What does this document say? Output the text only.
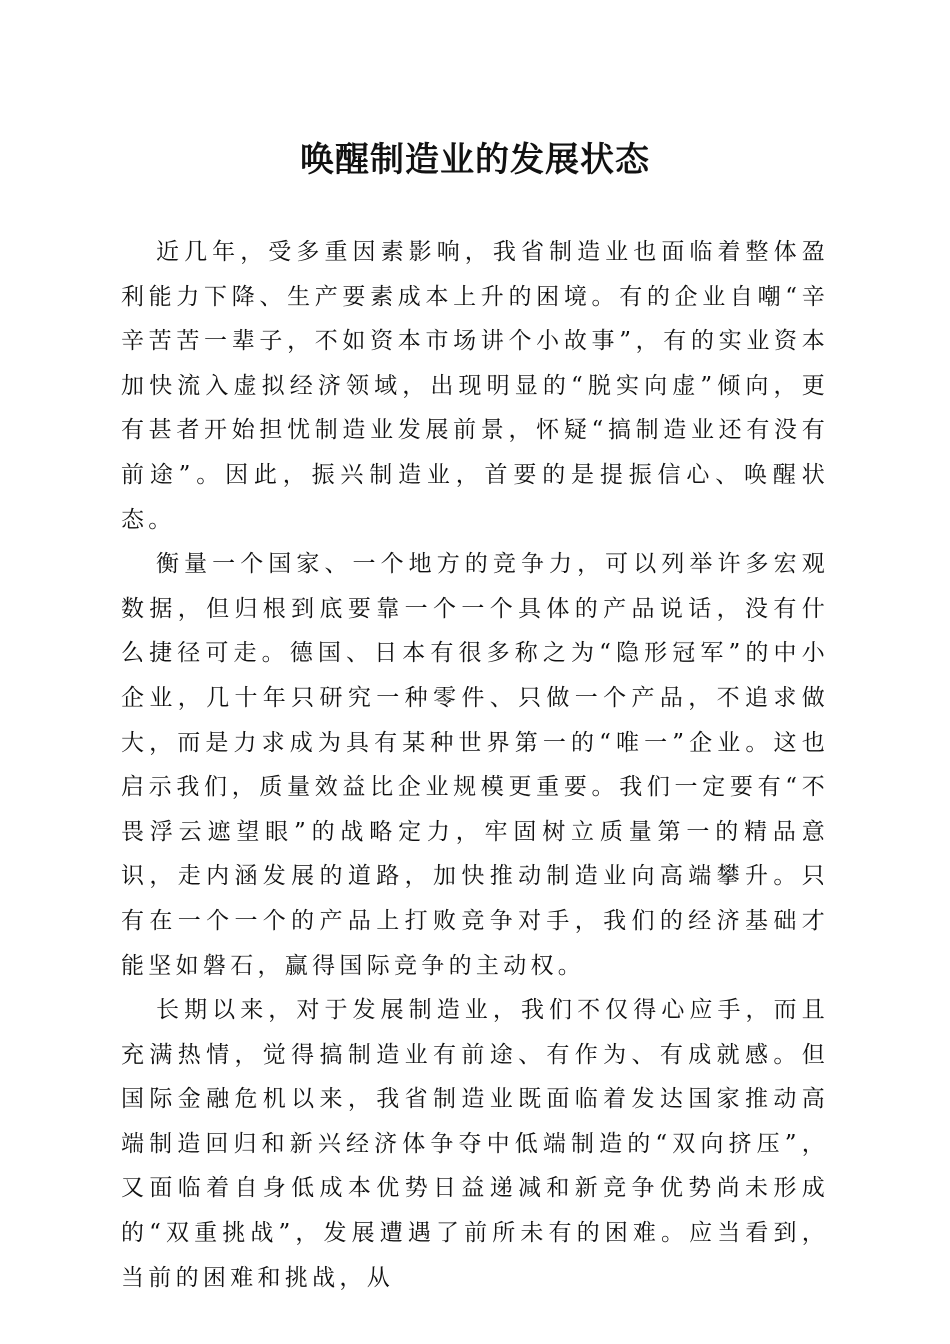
唤醒制造业的发展状态

近几年，受多重因素影响，我省制造业也面临着整体盈利能力下降、生产要素成本上升的困境。有的企业自嘲“辛辛苦苦一辈子，不如资本市场讲个小故事”，有的实业资本加快流入虚拟经济领域，出现明显的“脱实向虚”倾向，更有甚者开始担忧制造业发展前景，怀疑“搞制造业还有没有前途”。因此，振兴制造业，首要的是提振信心、唤醒状态。

衡量一个国家、一个地方的竞争力，可以列举许多宏观数据，但归根到底要靠一个一个具体的产品说话，没有什么捷径可走。德国、日本有很多称之为“隐形冠军”的中小企业，几十年只研究一种零件、只做一个产品，不追求做大，而是力求成为具有某种世界第一的“唯一”企业。这也启示我们，质量效益比企业规模更重要。我们一定要有“不畏浮云遮望眼”的战略定力，牢固树立质量第一的精品意识，走内涵发展的道路，加快推动制造业向高端攀升。只有在一个一个的产品上打败竞争对手，我们的经济基础才能坚如磐石，赢得国际竞争的主动权。

长期以来，对于发展制造业，我们不仅得心应手，而且充满热情，觉得搞制造业有前途、有作为、有成就感。但国际金融危机以来，我省制造业既面临着发达国家推动高端制造回归和新兴经济体争夺中低端制造的“双向挤压”，又面临着自身低成本优势日益递减和新竞争优势尚未形成的“双重挑战”，发展遭遇了前所未有的困难。应当看到，当前的困难和挑战，从
